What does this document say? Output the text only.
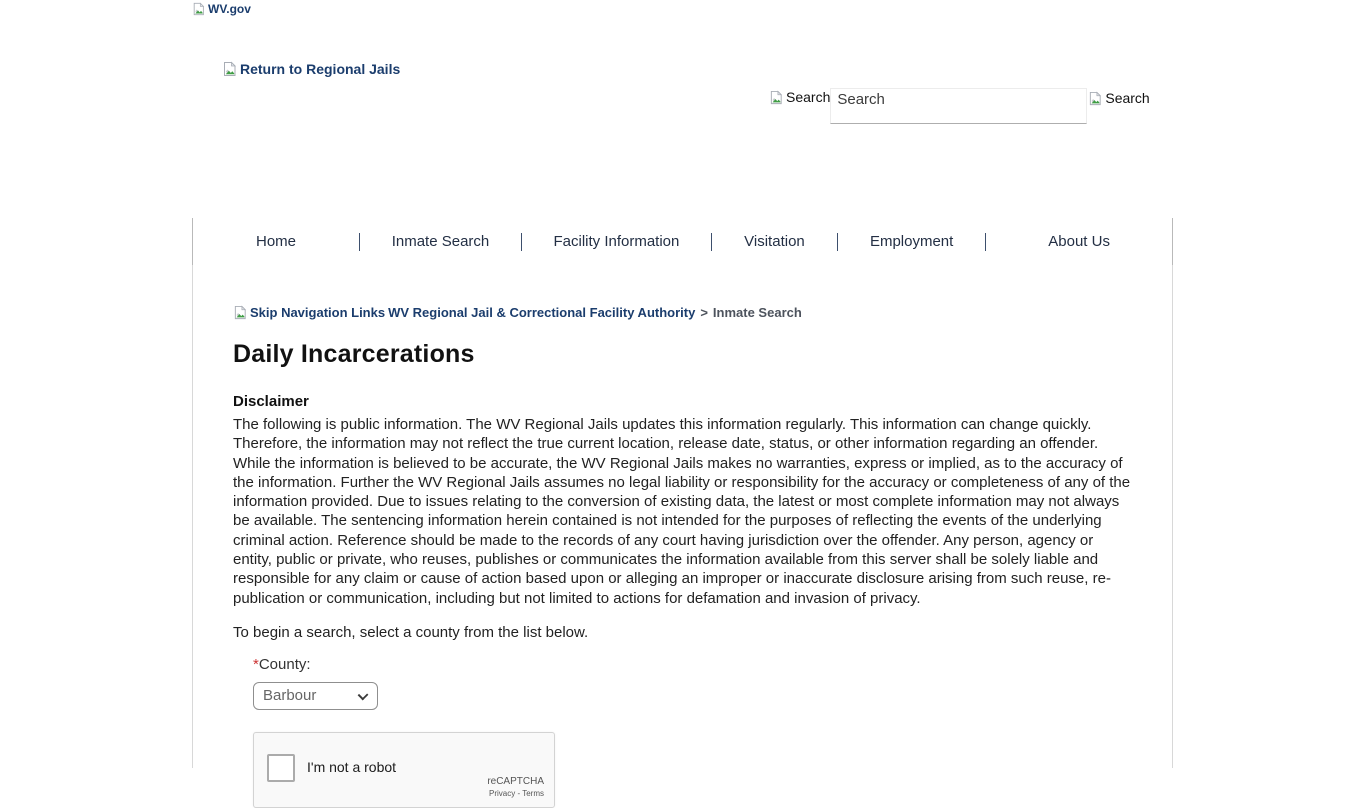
WV.gov
Return to Regional Jails
Search
Search	Search
Home	Inmate Search	Facility Information	Visitation	Employment	About Us
Skip Navigation Links WV Regional Jail & Correctional Facility Authority > Inmate Search
Daily Incarcerations
Disclaimer

The following is public information. The WV Regional Jails updates this information regularly. This information can change quickly. Therefore, the information may not reflect the true current location, release date, status, or other information regarding an offender. While the information is believed to be accurate, the WV Regional Jails makes no warranties, express or implied, as to the accuracy of the information. Further the WV Regional Jails assumes no legal liability or responsibility for the accuracy or completeness of any of the information provided. Due to issues relating to the conversion of existing data, the latest or most complete information may not always be available. The sentencing information herein contained is not intended for the purposes of reflecting the events of the underlying criminal action. Reference should be made to the records of any court having jurisdiction over the offender. Any person, agency or entity, public or private, who reuses, publishes or communicates the information available from this server shall be solely liable and responsible for any claim or cause of action based upon or alleging an improper or inaccurate disclosure arising from such reuse, re-publication or communication, including but not limited to actions for defamation and invasion of privacy.

To begin a search, select a county from the list below.

*County:
Barbour
I'm not a robot
reCAPTCHA
Privacy - Terms
